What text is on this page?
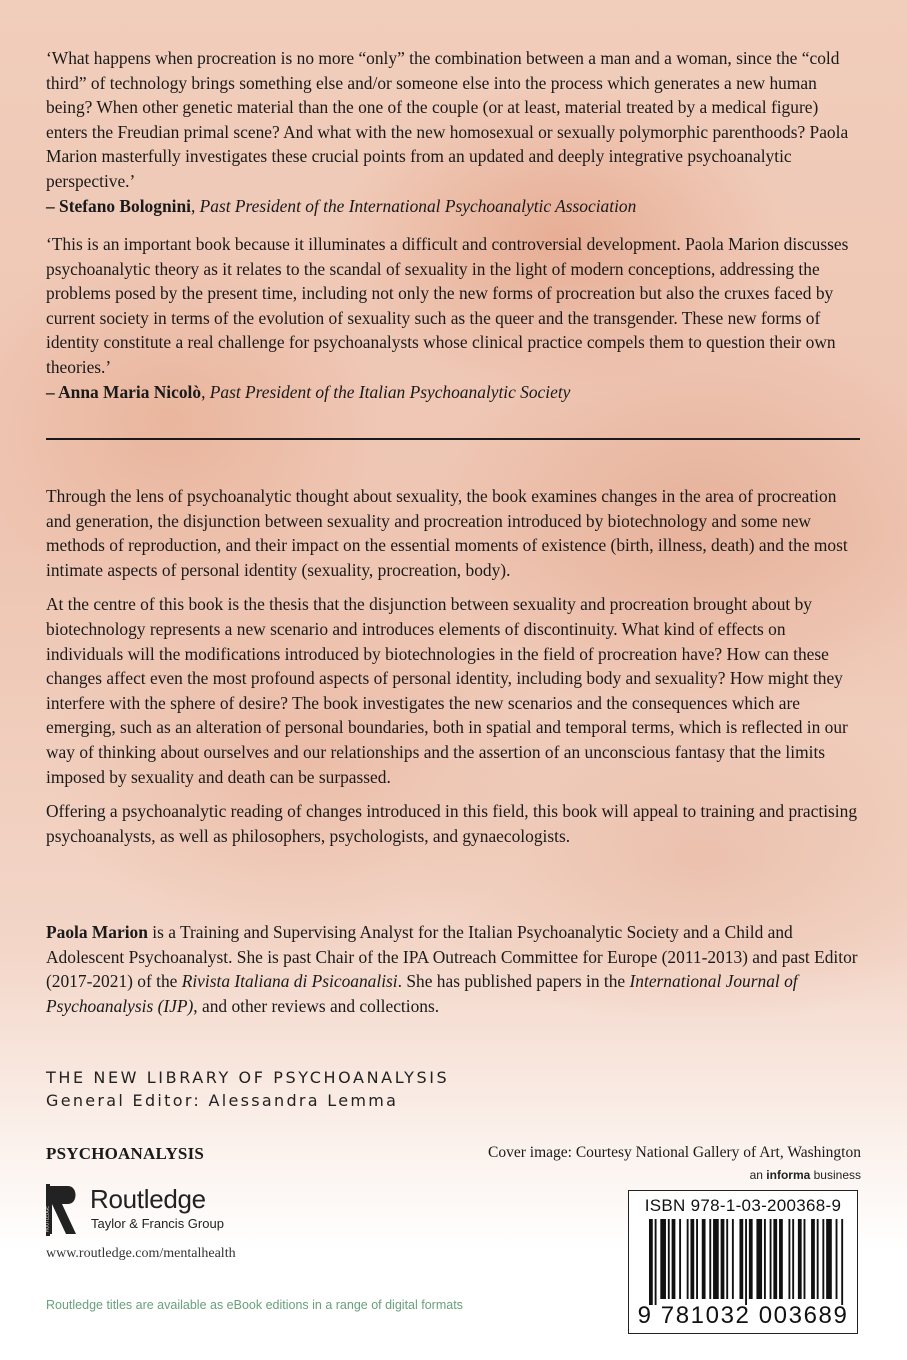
‘What happens when procreation is no more “only” the combination between a man and a woman, since the “cold third” of technology brings something else and/or someone else into the process which generates a new human being? When other genetic material than the one of the couple (or at least, material treated by a medical figure) enters the Freudian primal scene? And what with the new homosexual or sexually polymorphic parenthoods? Paola Marion masterfully investigates these crucial points from an updated and deeply integrative psychoanalytic perspective.’

– Stefano Bolognini, Past President of the International Psychoanalytic Association

‘This is an important book because it illuminates a difficult and controversial development. Paola Marion discusses psychoanalytic theory as it relates to the scandal of sexuality in the light of modern conceptions, addressing the problems posed by the present time, including not only the new forms of procreation but also the cruxes faced by current society in terms of the evolution of sexuality such as the queer and the transgender. These new forms of identity constitute a real challenge for psychoanalysts whose clinical practice compels them to question their own theories.’

– Anna Maria Nicolò, Past President of the Italian Psychoanalytic Society

Through the lens of psychoanalytic thought about sexuality, the book examines changes in the area of procreation and generation, the disjunction between sexuality and procreation introduced by biotechnology and some new methods of reproduction, and their impact on the essential moments of existence (birth, illness, death) and the most intimate aspects of personal identity (sexuality, procreation, body).

At the centre of this book is the thesis that the disjunction between sexuality and procreation brought about by biotechnology represents a new scenario and introduces elements of discontinuity. What kind of effects on individuals will the modifications introduced by biotechnologies in the field of procreation have? How can these changes affect even the most profound aspects of personal identity, including body and sexuality? How might they interfere with the sphere of desire? The book investigates the new scenarios and the consequences which are emerging, such as an alteration of personal boundaries, both in spatial and temporal terms, which is reflected in our way of thinking about ourselves and our relationships and the assertion of an unconscious fantasy that the limits imposed by sexuality and death can be surpassed.

Offering a psychoanalytic reading of changes introduced in this field, this book will appeal to training and practising psychoanalysts, as well as philosophers, psychologists, and gynaecologists.

Paola Marion is a Training and Supervising Analyst for the Italian Psychoanalytic Society and a Child and Adolescent Psychoanalyst. She is past Chair of the IPA Outreach Committee for Europe (2011-2013) and past Editor (2017-2021) of the Rivista Italiana di Psicoanalisi. She has published papers in the International Journal of Psychoanalysis (IJP), and other reviews and collections.

THE NEW LIBRARY OF PSYCHOANALYSIS
General Editor: Alessandra Lemma
PSYCHOANALYSIS	Cover image: Courtesy National Gallery of Art, Washington
an informa business
ROUTLEDGE
Routledge
Taylor & Francis Group
www.routledge.com/mentalhealth
Routledge titles are available as eBook editions in a range of digital formats
ISBN 978-1-03-200368-9
9 781032 003689
